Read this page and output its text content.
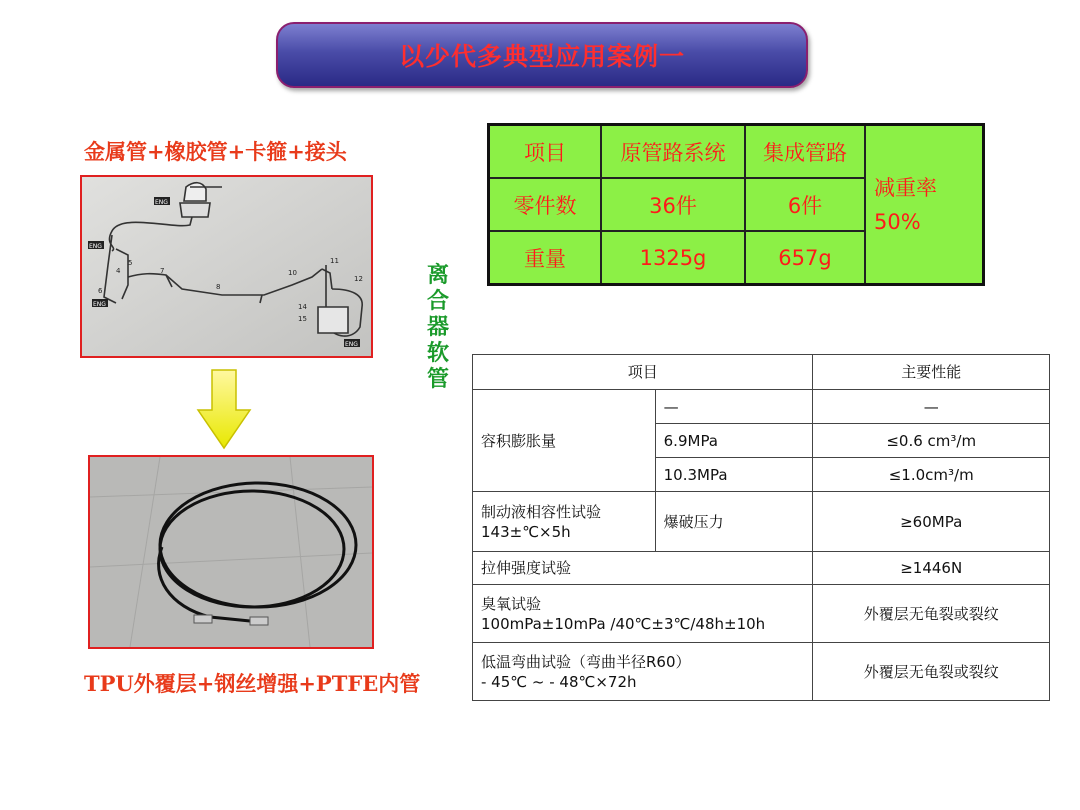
以少代多典型应用案例一
金属管+橡胶管+卡箍+接头
TPU外覆层+钢丝增强+PTFE内管
4
5
6
7
8
10
11
12
14
15
ENG
ENG
ENG
ENG
离
合
器
软
管
项目	原管路系统	集成管路	减重率
50%

零件数	36件	6件	
重量	1325g	657g	
项目		主要性能
容积膨胀量	—	—
	6.9MPa	≤0.6 cm³/m
	10.3MPa	≤1.0cm³/m

制动液相容性试验
143±℃×5h	爆破压力	≥60MPa
拉伸强度试验		≥1446N

臭氧试验
100mPa±10mPa /40℃±3℃/48h±10h		外覆层无龟裂或裂纹

低温弯曲试验（弯曲半径R60）
- 45℃ ~ - 48℃×72h		外覆层无龟裂或裂纹
